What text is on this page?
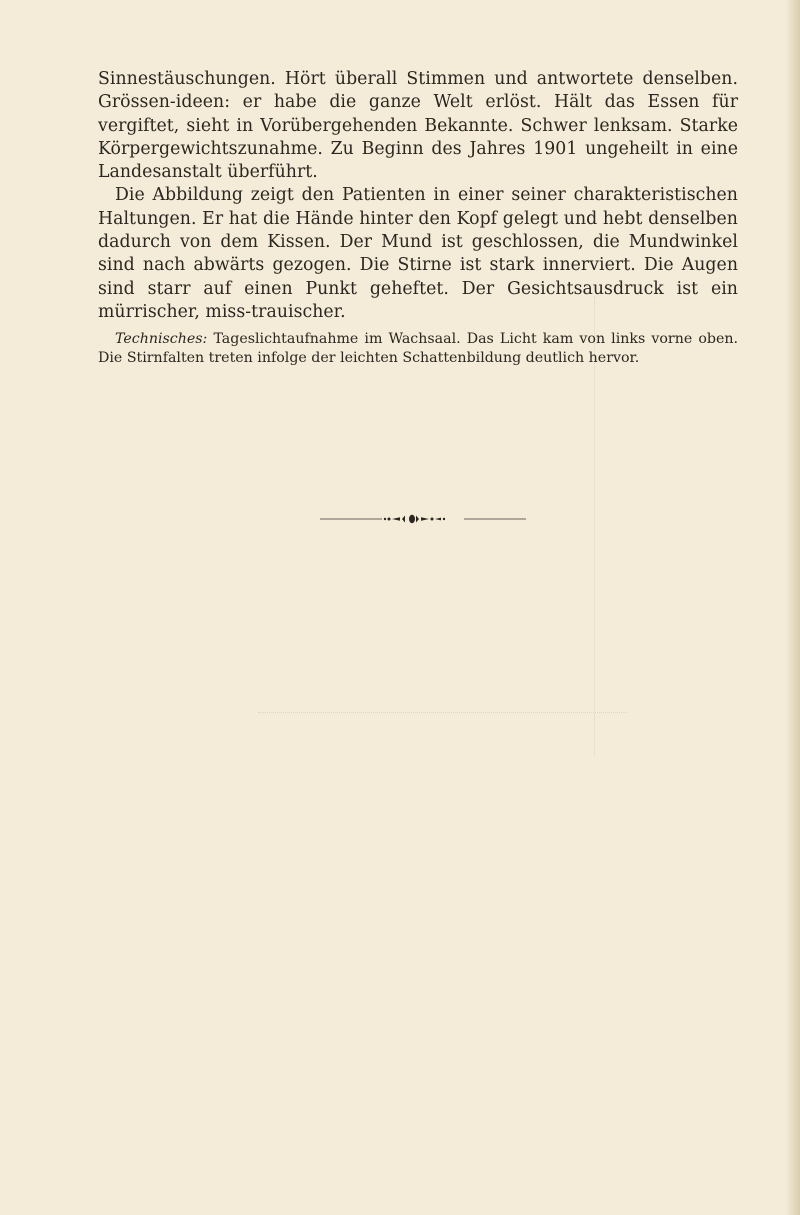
Sinnestäuschungen. Hört überall Stimmen und antwortete denselben. Grössen-ideen: er habe die ganze Welt erlöst. Hält das Essen für vergiftet, sieht in Vorübergehenden Bekannte. Schwer lenksam. Starke Körpergewichtszunahme. Zu Beginn des Jahres 1901 ungeheilt in eine Landesanstalt überführt.

Die Abbildung zeigt den Patienten in einer seiner charakteristischen Haltungen. Er hat die Hände hinter den Kopf gelegt und hebt denselben dadurch von dem Kissen. Der Mund ist geschlossen, die Mundwinkel sind nach abwärts gezogen. Die Stirne ist stark innerviert. Die Augen sind starr auf einen Punkt geheftet. Der Gesichtsausdruck ist ein mürrischer, miss-trauischer.

Technisches: Tageslichtaufnahme im Wachsaal. Das Licht kam von links vorne oben. Die Stirnfalten treten infolge der leichten Schattenbildung deutlich hervor.
